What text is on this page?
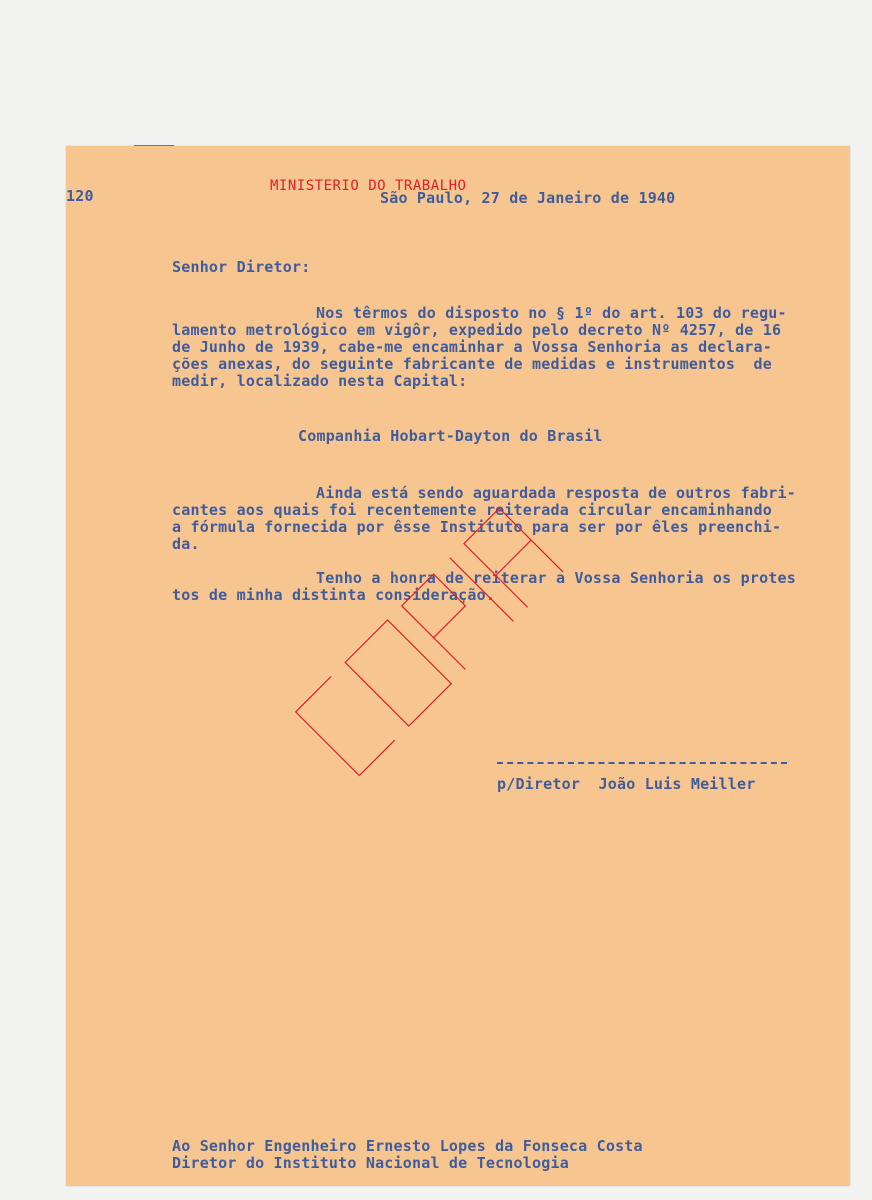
120
MINISTERIO DO TRABALHO
São Paulo, 27 de Janeiro de 1940
Senhor Diretor:
Nos têrmos do disposto no § 1º do art. 103 do regu-
lamento metrológico em vigôr, expedido pelo decreto Nº 4257, de 16
de Junho de 1939, cabe-me encaminhar a Vossa Senhoria as declara-
ções anexas, do seguinte fabricante de medidas e instrumentos  de
medir, localizado nesta Capital:
Companhia Hobart-Dayton do Brasil
Ainda está sendo aguardada resposta de outros fabri-
cantes aos quais foi recentemente reiterada circular encaminhando
a fórmula fornecida por êsse Instituto para ser por êles preenchi-
da.
Tenho a honra de reiterar a Vossa Senhoria os protes
tos de minha distinta consideração.
p/Diretor  João Luis Meiller
Ao Senhor Engenheiro Ernesto Lopes da Fonseca Costa
Diretor do Instituto Nacional de Tecnologia
